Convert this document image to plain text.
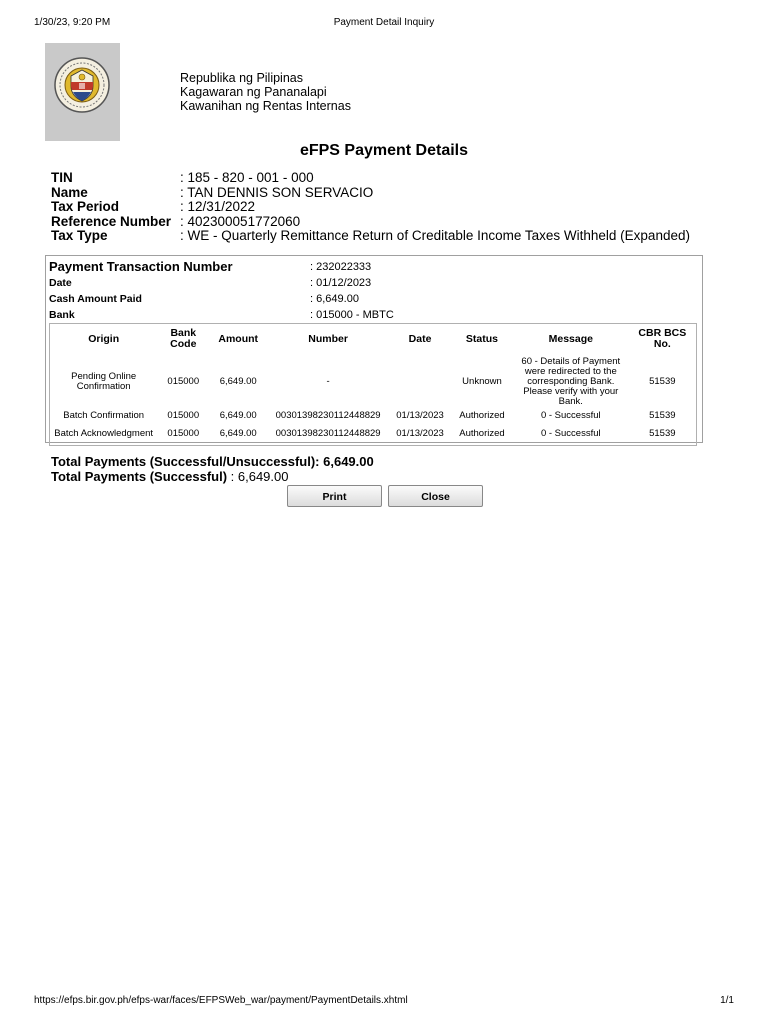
1/30/23, 9:20 PM	Payment Detail Inquiry
Republika ng Pilipinas
Kagawaran ng Pananalapi
Kawanihan ng Rentas Internas
eFPS Payment Details
TIN	: 185 - 820 - 001 - 000
Name	: TAN DENNIS SON SERVACIO
Tax Period	: 12/31/2022
Reference Number : 402300051772060
Tax Type	: WE - Quarterly Remittance Return of Creditable Income Taxes Withheld (Expanded)
Payment Transaction Number	: 232022333
Date	: 01/12/2023
Cash Amount Paid	: 6,649.00
Bank	: 015000 - MBTC
Origin	Bank Code	Amount	Number	Date	Status	Message	CBR BCS No.
Pending Online Confirmation	015000	6,649.00	-		Unknown	60 - Details of Payment were redirected to the corresponding Bank. Please verify with your Bank.	51539
Batch Confirmation	015000	6,649.00	00301398230112448829	01/13/2023	Authorized	0 - Successful	51539
Batch Acknowledgment	015000	6,649.00	00301398230112448829	01/13/2023	Authorized	0 - Successful	51539
Total Payments (Successful/Unsuccessful): 6,649.00
Total Payments (Successful) : 6,649.00
Print	Close
https://efps.bir.gov.ph/efps-war/faces/EFPSWeb_war/payment/PaymentDetails.xhtml	1/1
